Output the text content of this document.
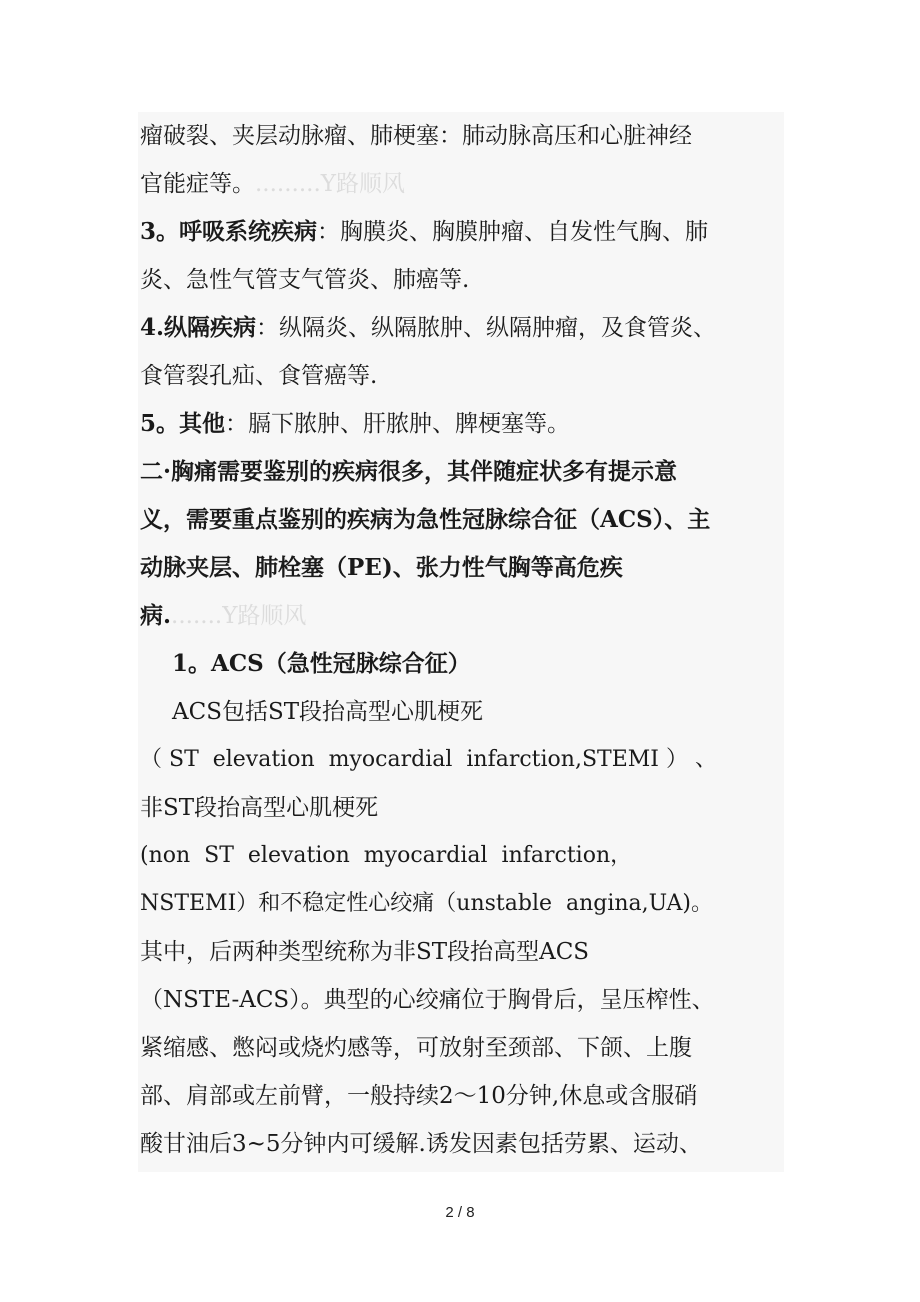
瘤破裂、夹层动脉瘤、肺梗塞：肺动脉高压和心脏神经
官能症等。.........Y路顺风
3。呼吸系统疾病：胸膜炎、胸膜肿瘤、自发性气胸、肺
炎、急性气管支气管炎、肺癌等.
4.纵隔疾病：纵隔炎、纵隔脓肿、纵隔肿瘤，及食管炎、
食管裂孔疝、食管癌等.
5。其他：膈下脓肿、肝脓肿、脾梗塞等。
二·胸痛需要鉴别的疾病很多，其伴随症状多有提示意
义，需要重点鉴别的疾病为急性冠脉综合征（ACS）、主
动脉夹层、肺栓塞（PE)、张力性气胸等高危疾
病........Y路顺风
1。ACS（急性冠脉综合征）
ACS包括ST段抬高型心肌梗死
（ ST  elevation  myocardial  infarction,STEMI ） 、
非ST段抬高型心肌梗死
(non  ST  elevation  myocardial  infarction，
NSTEMI）和不稳定性心绞痛（unstable  angina,UA)。
其中，后两种类型统称为非ST段抬高型ACS
（NSTE-ACS）。典型的心绞痛位于胸骨后，呈压榨性、
紧缩感、憋闷或烧灼感等，可放射至颈部、下颌、上腹
部、肩部或左前臂，一般持续2～10分钟,休息或含服硝
酸甘油后3~5分钟内可缓解.诱发因素包括劳累、运动、
2 / 8
